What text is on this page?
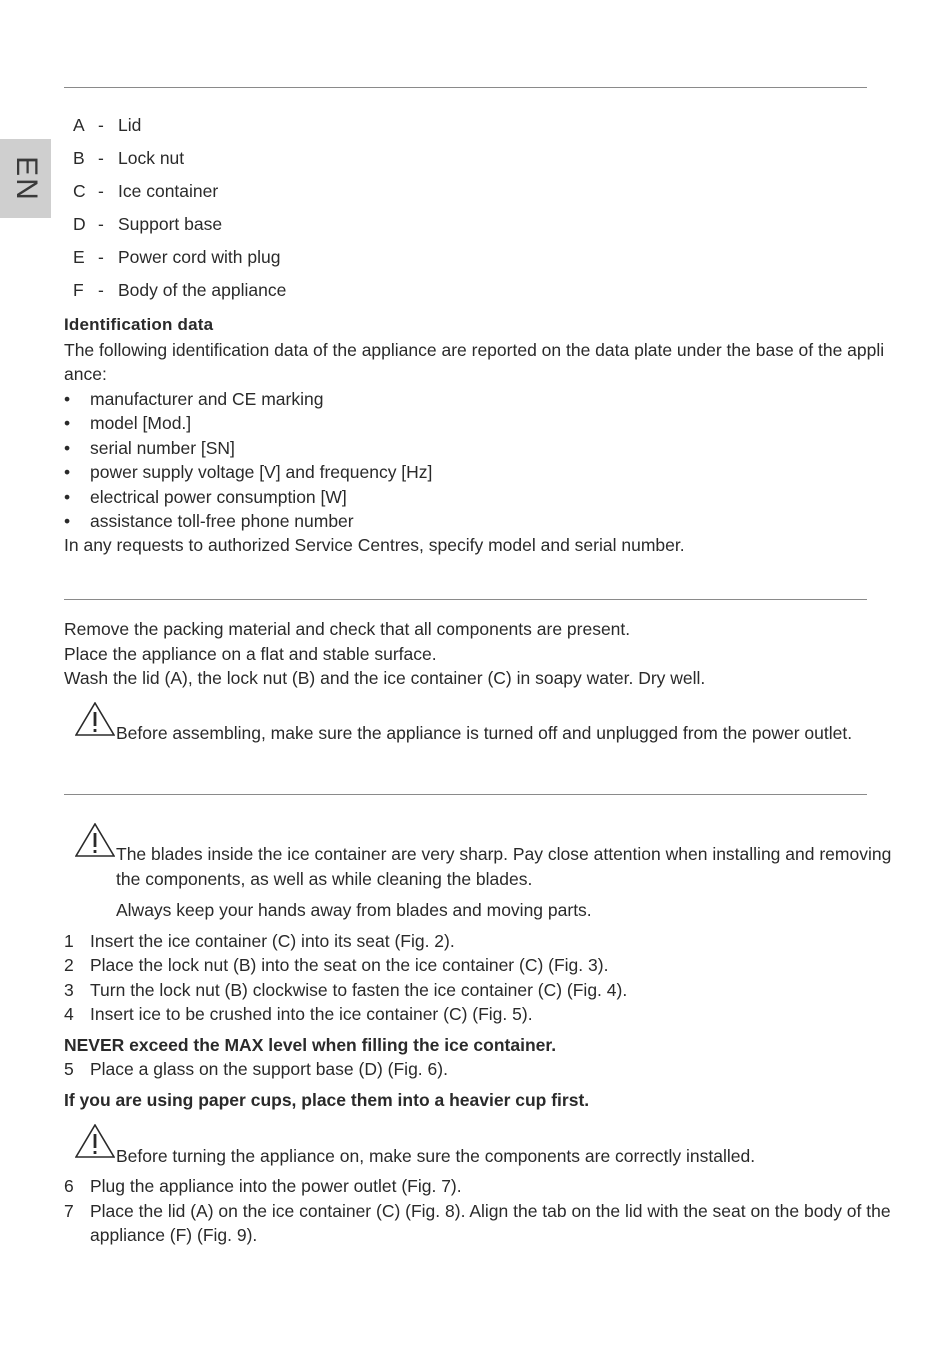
EN
A - Lid
B - Lock nut
C - Ice container
D - Support base
E - Power cord with plug
F - Body of the appliance
Identification data
The following identification data of the appliance are reported on the data plate under the base of the appli
ance:
• manufacturer and CE marking
• model [Mod.]
• serial number [SN]
• power supply voltage [V] and frequency [Hz]
• electrical power consumption [W]
• assistance toll-free phone number
In any requests to authorized Service Centres, specify model and serial number.
Remove the packing material and check that all components are present.
Place the appliance on a flat and stable surface.
Wash the lid (A), the lock nut (B) and the ice container (C) in soapy water. Dry well.
Before assembling, make sure the appliance is turned off and unplugged from the power outlet.
The blades inside the ice container are very sharp. Pay close attention when installing and removing
the components, as well as while cleaning the blades.
Always keep your hands away from blades and moving parts.
1 Insert the ice container (C) into its seat (Fig. 2).
2 Place the lock nut (B) into the seat on the ice container (C) (Fig. 3).
3 Turn the lock nut (B) clockwise to fasten the ice container (C) (Fig. 4).
4 Insert ice to be crushed into the ice container (C) (Fig. 5).
NEVER exceed the MAX level when filling the ice container.
5 Place a glass on the support base (D) (Fig. 6).
If you are using paper cups, place them into a heavier cup first.
Before turning the appliance on, make sure the components are correctly installed.
6 Plug the appliance into the power outlet (Fig. 7).
7 Place the lid (A) on the ice container (C) (Fig. 8). Align the tab on the lid with the seat on the body of the
appliance (F) (Fig. 9).
